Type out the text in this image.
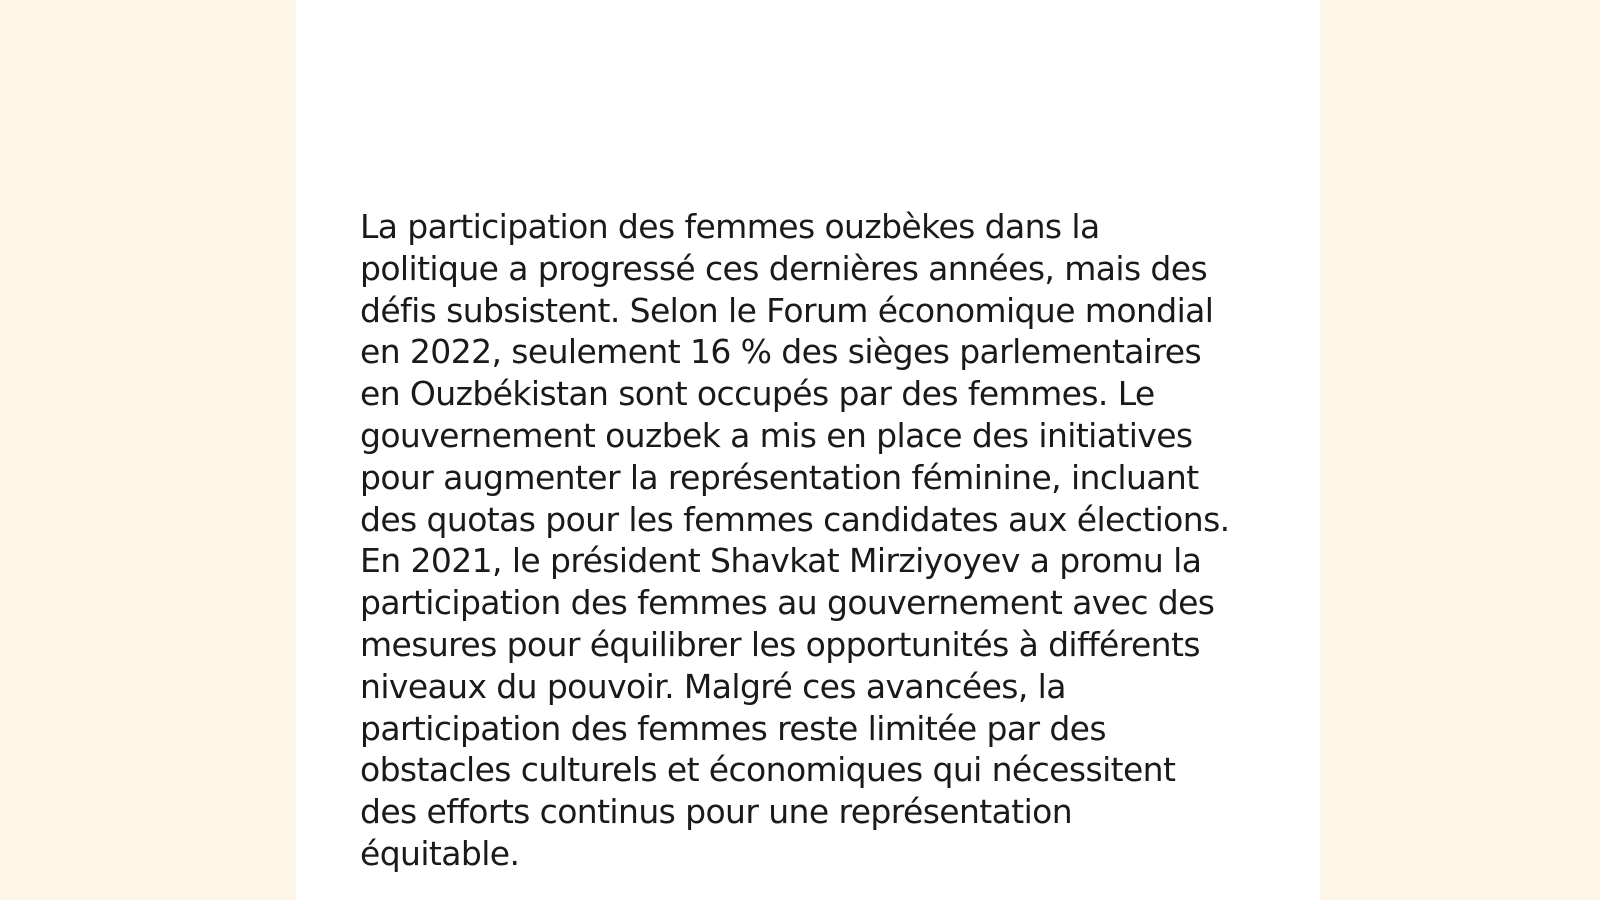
La participation des femmes ouzbèkes dans la
politique a progressé ces dernières années, mais des
défis subsistent. Selon le Forum économique mondial
en 2022, seulement 16 % des sièges parlementaires
en Ouzbékistan sont occupés par des femmes. Le
gouvernement ouzbek a mis en place des initiatives
pour augmenter la représentation féminine, incluant
des quotas pour les femmes candidates aux élections.
En 2021, le président Shavkat Mirziyoyev a promu la
participation des femmes au gouvernement avec des
mesures pour équilibrer les opportunités à différents
niveaux du pouvoir. Malgré ces avancées, la
participation des femmes reste limitée par des
obstacles culturels et économiques qui nécessitent
des efforts continus pour une représentation
équitable.
